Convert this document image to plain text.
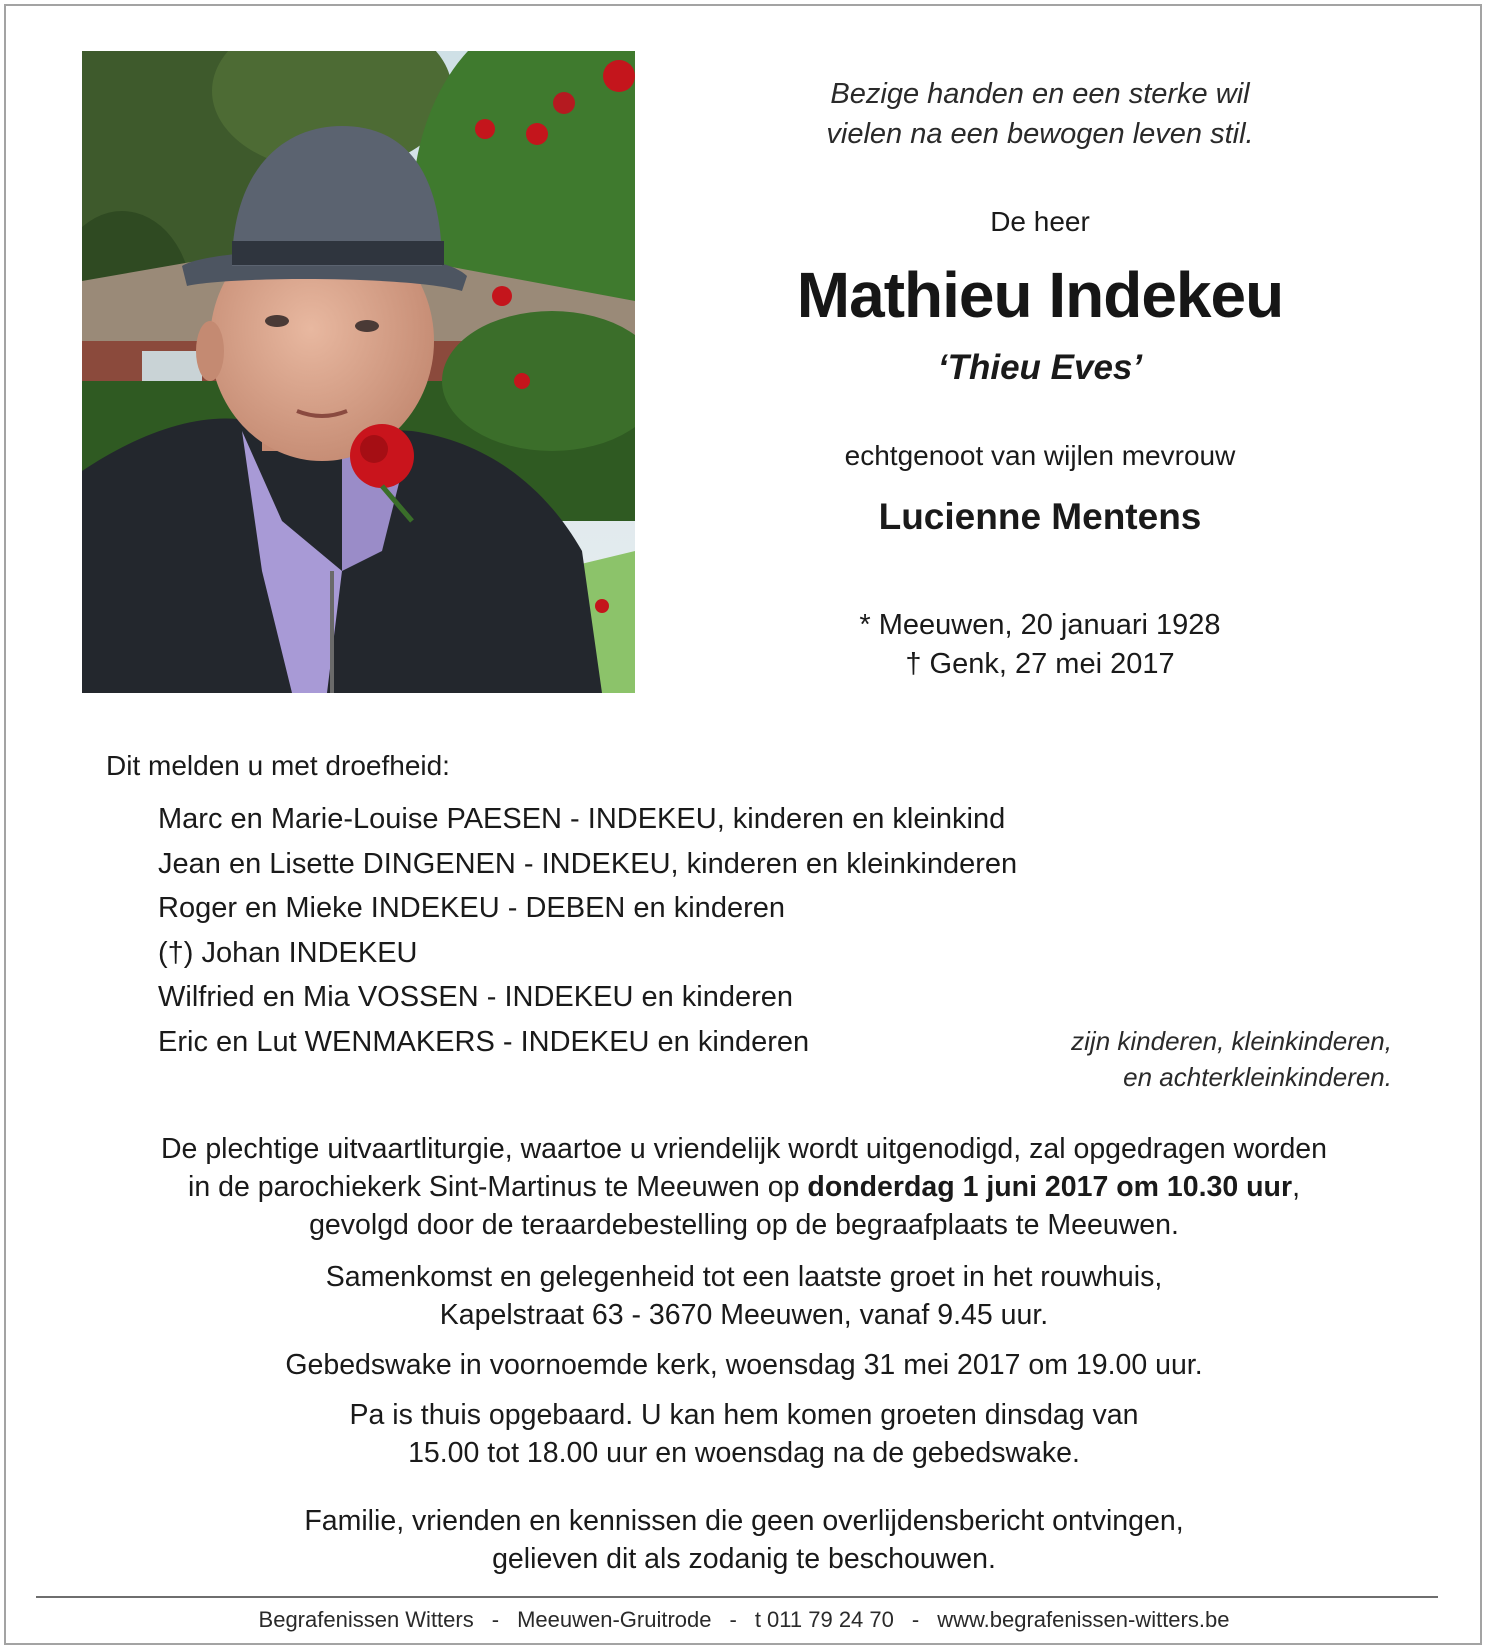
Bezige handen en een sterke wil
vielen na een bewogen leven stil.
De heer
Mathieu Indekeu
‘Thieu Eves’
echtgenoot van wijlen mevrouw
Lucienne Mentens
* Meeuwen, 20 januari 1928
† Genk, 27 mei 2017
Dit melden u met droefheid:
Marc en Marie-Louise PAESEN - INDEKEU, kinderen en kleinkind
Jean en Lisette DINGENEN - INDEKEU, kinderen en kleinkinderen
Roger en Mieke INDEKEU - DEBEN en kinderen
(†) Johan INDEKEU
Wilfried en Mia VOSSEN - INDEKEU en kinderen
Eric en Lut WENMAKERS - INDEKEU en kinderen	zijn kinderen, kleinkinderen,
en achterkleinkinderen.
De plechtige uitvaartliturgie, waartoe u vriendelijk wordt uitgenodigd, zal opgedragen worden
in de parochiekerk Sint-Martinus te Meeuwen op donderdag 1 juni 2017 om 10.30 uur,
gevolgd door de teraardebestelling op de begraafplaats te Meeuwen.
Samenkomst en gelegenheid tot een laatste groet in het rouwhuis,
Kapelstraat 63 - 3670 Meeuwen, vanaf 9.45 uur.
Gebedswake in voornoemde kerk, woensdag 31 mei 2017 om 19.00 uur.
Pa is thuis opgebaard. U kan hem komen groeten dinsdag van
15.00 tot 18.00 uur en woensdag na de gebedswake.
Familie, vrienden en kennissen die geen overlijdensbericht ontvingen,
gelieven dit als zodanig te beschouwen.
Begrafenissen Witters - Meeuwen-Gruitrode - t 011 79 24 70 - www.begrafenissen-witters.be
